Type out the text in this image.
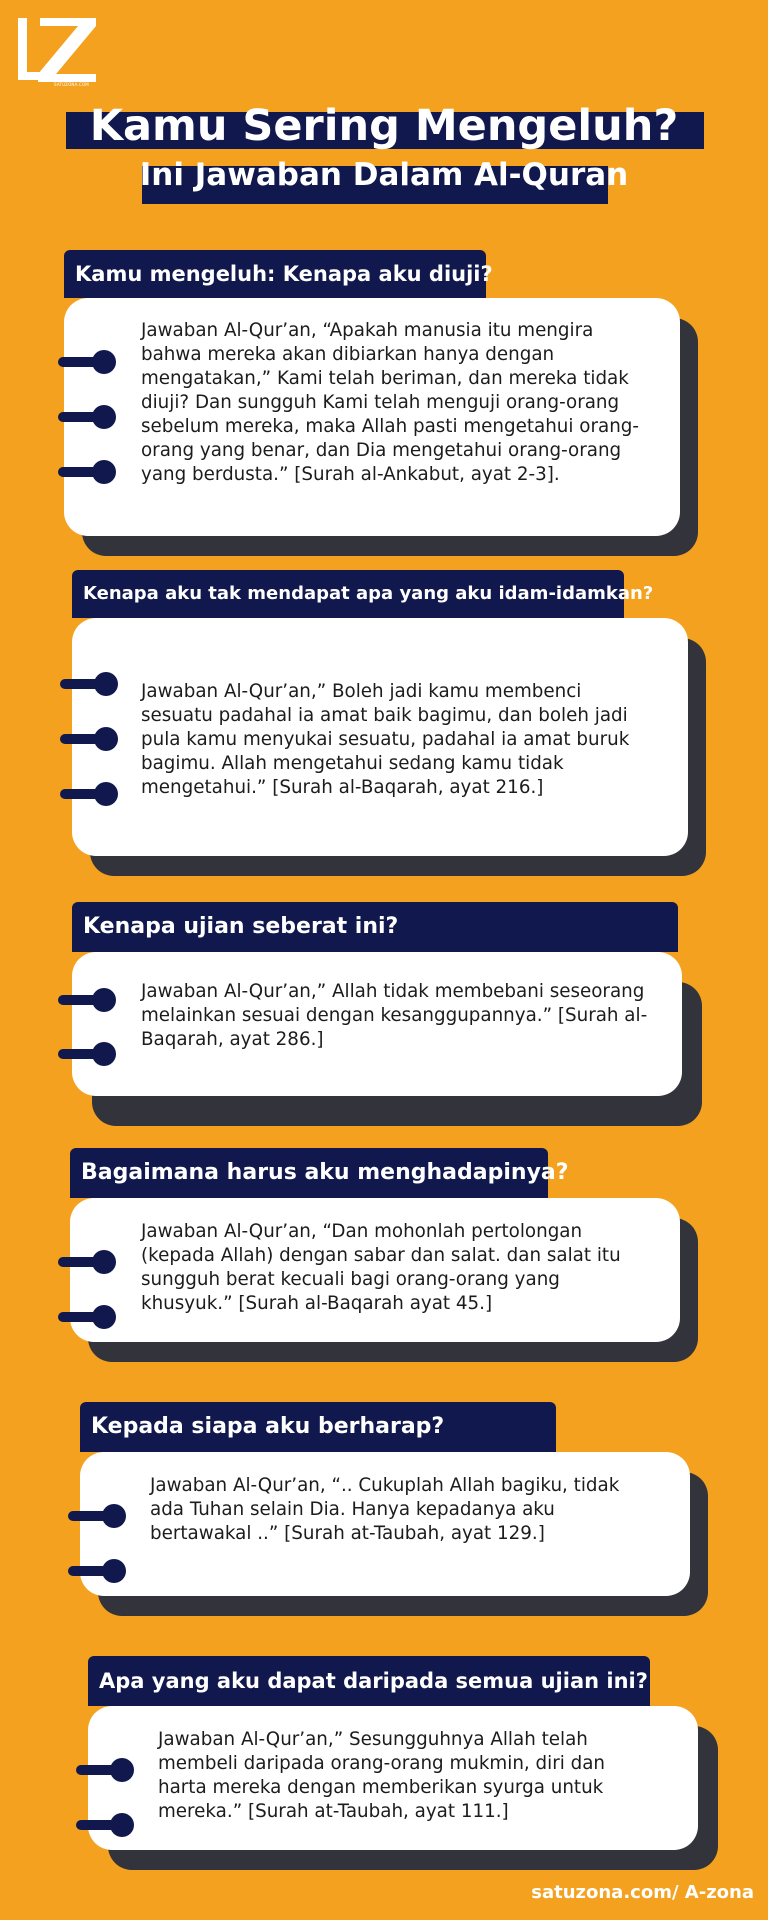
SATUZONA.COM
Kamu Sering Mengeluh?
Ini Jawaban Dalam Al-Quran
Kamu mengeluh: Kenapa aku diuji?
Jawaban Al-Qur’an, “Apakah manusia itu mengira bahwa mereka akan dibiarkan hanya dengan mengatakan,” Kami telah beriman, dan mereka tidak diuji? Dan sungguh Kami telah menguji orang-orang sebelum mereka, maka Allah pasti mengetahui orang-orang yang benar, dan Dia mengetahui orang-orang yang berdusta.” [Surah al-Ankabut, ayat 2-3].
Kenapa aku tak mendapat apa yang aku idam-idamkan?
Jawaban Al-Qur’an,” Boleh jadi kamu membenci sesuatu padahal ia amat baik bagimu, dan boleh jadi pula kamu menyukai sesuatu, padahal ia amat buruk bagimu. Allah mengetahui sedang kamu tidak mengetahui.” [Surah al-Baqarah, ayat 216.]
Kenapa ujian seberat ini?
Jawaban Al-Qur’an,” Allah tidak membebani seseorang melainkan sesuai dengan kesanggupannya.” [Surah al-Baqarah, ayat 286.]
Bagaimana harus aku menghadapinya?
Jawaban Al-Qur’an, “Dan mohonlah pertolongan (kepada Allah) dengan sabar dan salat. dan salat itu sungguh berat kecuali bagi orang-orang yang khusyuk.” [Surah al-Baqarah ayat 45.]
Kepada siapa aku berharap?
Jawaban Al-Qur’an, “.. Cukuplah Allah bagiku, tidak ada Tuhan selain Dia. Hanya kepadanya aku bertawakal ..” [Surah at-Taubah, ayat 129.]
Apa yang aku dapat daripada semua ujian ini?
Jawaban Al-Qur’an,” Sesungguhnya Allah telah membeli daripada orang-orang mukmin, diri dan harta mereka dengan memberikan syurga untuk mereka.” [Surah at-Taubah, ayat 111.]
satuzona.com/ A-zona
